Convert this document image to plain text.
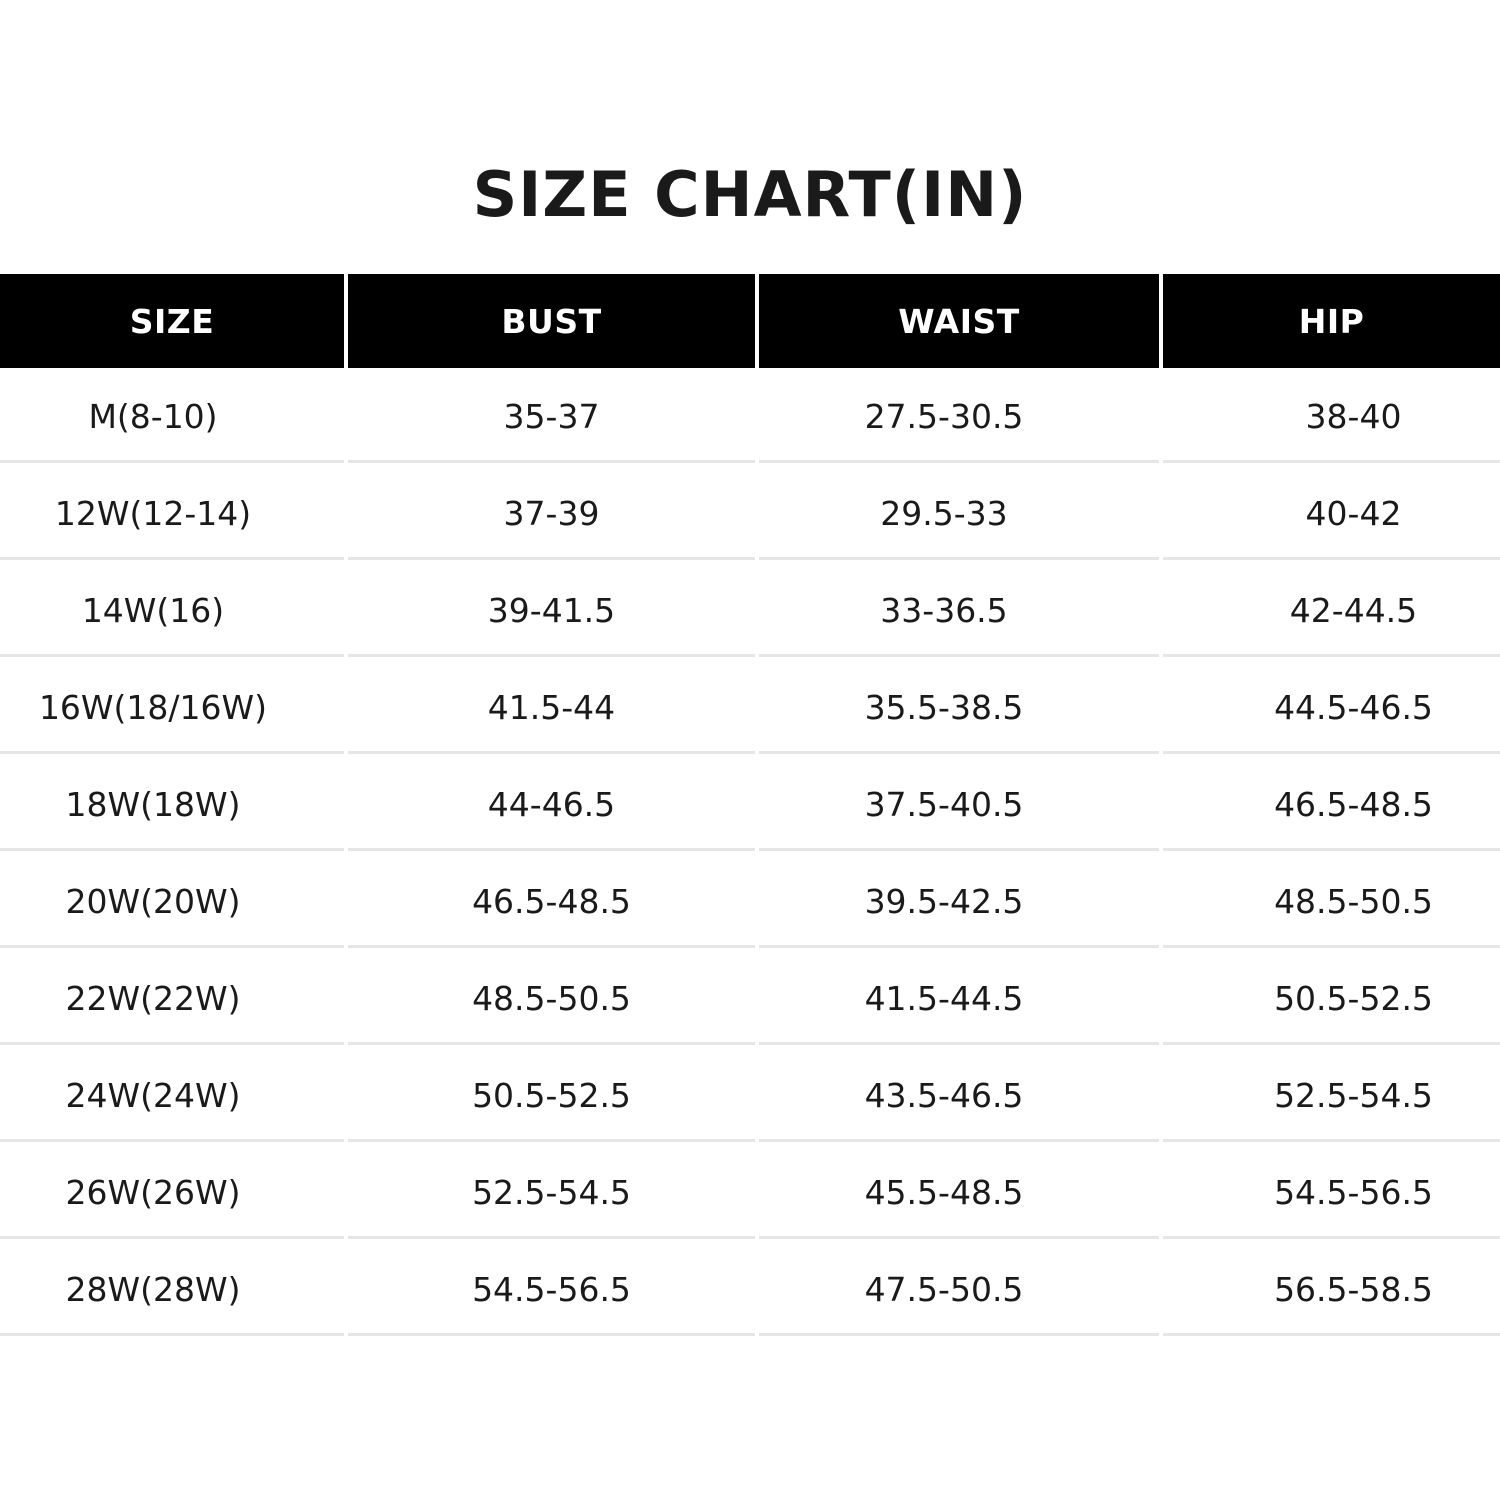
SIZE CHART(IN)
SIZE	BUST	WAIST	HIP
M(8-10)	35-37	27.5-30.5	38-40
12W(12-14)	37-39	29.5-33	40-42
14W(16)	39-41.5	33-36.5	42-44.5
16W(18/16W)	41.5-44	35.5-38.5	44.5-46.5
18W(18W)	44-46.5	37.5-40.5	46.5-48.5
20W(20W)	46.5-48.5	39.5-42.5	48.5-50.5
22W(22W)	48.5-50.5	41.5-44.5	50.5-52.5
24W(24W)	50.5-52.5	43.5-46.5	52.5-54.5
26W(26W)	52.5-54.5	45.5-48.5	54.5-56.5
28W(28W)	54.5-56.5	47.5-50.5	56.5-58.5
